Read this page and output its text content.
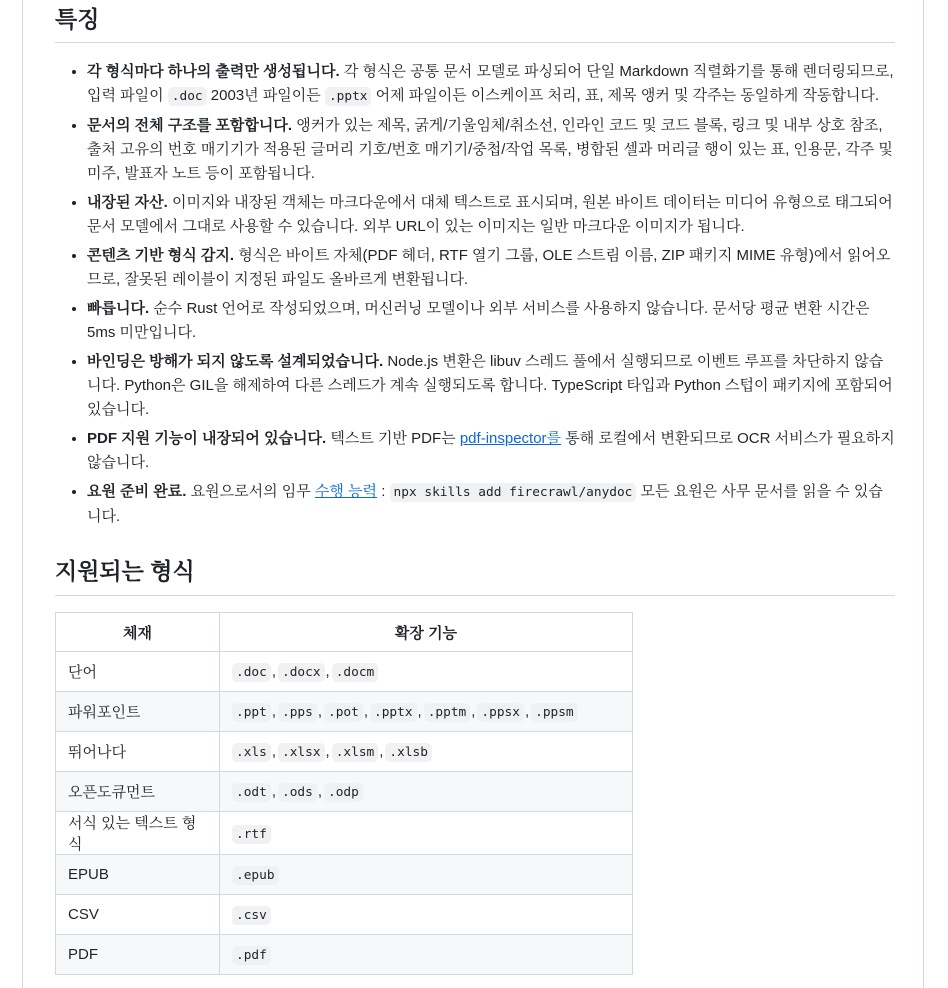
특징
• 각 형식마다 하나의 출력만 생성됩니다. 각 형식은 공통 문서 모델로 파싱되어 단일 Markdown 직렬화기를 통해 렌더링되므로, 입력 파일이 .doc 2003년 파일이든 .pptx 어제 파일이든 이스케이프 처리, 표, 제목 앵커 및 각주는 동일하게 작동합니다.
• 문서의 전체 구조를 포함합니다. 앵커가 있는 제목, 굵게/기울임체/취소선, 인라인 코드 및 코드 블록, 링크 및 내부 상호 참조, 출처 고유의 번호 매기기가 적용된 글머리 기호/번호 매기기/중첩/작업 목록, 병합된 셀과 머리글 행이 있는 표, 인용문, 각주 및 미주, 발표자 노트 등이 포함됩니다.
• 내장된 자산. 이미지와 내장된 객체는 마크다운에서 대체 텍스트로 표시되며, 원본 바이트 데이터는 미디어 유형으로 태그되어 문서 모델에서 그대로 사용할 수 있습니다. 외부 URL이 있는 이미지는 일반 마크다운 이미지가 됩니다.
• 콘텐츠 기반 형식 감지. 형식은 바이트 자체(PDF 헤더, RTF 열기 그룹, OLE 스트림 이름, ZIP 패키지 MIME 유형)에서 읽어오므로, 잘못된 레이블이 지정된 파일도 올바르게 변환됩니다.
• 빠릅니다. 순수 Rust 언어로 작성되었으며, 머신러닝 모델이나 외부 서비스를 사용하지 않습니다. 문서당 평균 변환 시간은 5ms 미만입니다.
• 바인딩은 방해가 되지 않도록 설계되었습니다. Node.js 변환은 libuv 스레드 풀에서 실행되므로 이벤트 루프를 차단하지 않습니다. Python은 GIL을 해제하여 다른 스레드가 계속 실행되도록 합니다. TypeScript 타입과 Python 스텁이 패키지에 포함되어 있습니다.
• PDF 지원 기능이 내장되어 있습니다. 텍스트 기반 PDF는 pdf-inspector를 통해 로컬에서 변환되므로 OCR 서비스가 필요하지 않습니다.
• 요원 준비 완료. 요원으로서의 임무 수행 능력 : npx skills add firecrawl/anydoc 모든 요원은 사무 문서를 읽을 수 있습니다.
지원되는 형식
체재	확장 기능
단어	.doc , .docx , .docm
파워포인트	.ppt , .pps , .pot , .pptx , .pptm , .ppsx , .ppsm
뛰어나다	.xls , .xlsx , .xlsm , .xlsb
오픈도큐먼트	.odt , .ods , .odp
서식 있는 텍스트 형식	.rtf
EPUB	.epub
CSV	.csv
PDF	.pdf
